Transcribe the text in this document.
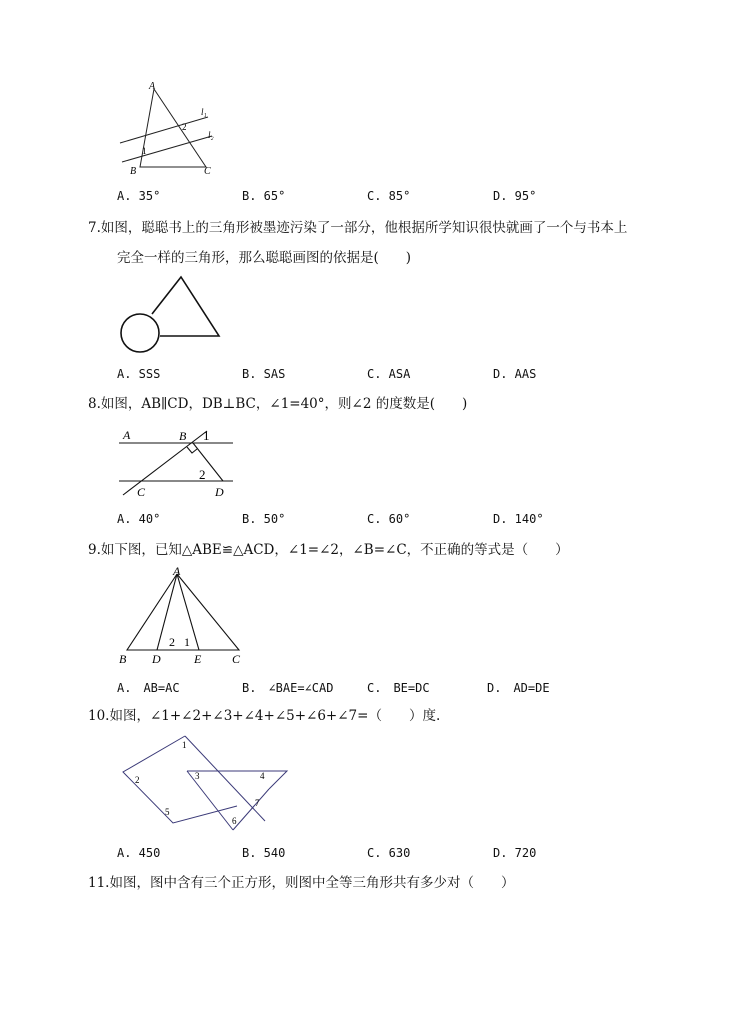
A
B	C
l₁
l₂
1
2
A. 35°	B. 65°	C. 85°	D. 95°
7.如图，聪聪书上的三角形被墨迹污染了一部分，他根据所学知识很快就画了一个与书本上
完全一样的三角形，那么聪聪画图的依据是(　　)
A. SSS	B. SAS	C. ASA	D. AAS
8.如图，AB∥CD，DB⊥BC，∠1=40°，则∠2 的度数是(　　)
A	B 1
2
C	D
A. 40°	B. 50°	C. 60°	D. 140°
9.如下图，已知△ABE≌△ACD，∠1=∠2，∠B=∠C，不正确的等式是（　　）
A
B D	E	C
2 1
A.　AB=AC	B.　∠BAE=∠CAD	C.　BE=DC	D.　AD=DE
10.如图，∠1+∠2+∠3+∠4+∠5+∠6+∠7=（　　）度.
1
2	3	4
5
6
7
A. 450	B. 540	C. 630	D. 720
11.如图，图中含有三个正方形，则图中全等三角形共有多少对（　　）
